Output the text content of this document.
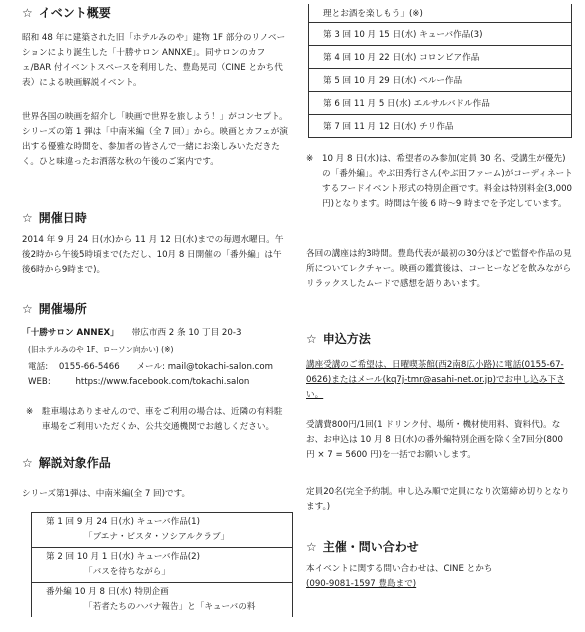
☆ イベント概要

昭和 48 年に建築された旧「ホテルみのや」建物 1F 部分のリノベーションにより誕生した「十勝サロン ANNXE」。同サロンのカフェ/BAR 付イベントスペースを利用した、豊島晃司（CINE とかち代表）による映画解説イベント。

世界各国の映画を紹介し「映画で世界を旅しよう！」がコンセプト。シリーズの第 1 弾は「中南米編（全 7 回）」から。映画とカフェが演出する優雅な時間を、参加者の皆さんで一緒にお楽しみいただきたく。ひと味違ったお洒落な秋の午後のご案内です。

☆ 開催日時

2014 年 9 月 24 日(水)から 11 月 12 日(水)までの毎週水曜日。午後2時から午後5時頃まで(ただし、10月 8 日開催の「番外編」は午後6時から9時まで)。

☆ 開催場所
「十勝サロン ANNEX」 帯広市西 2 条 10 丁目 20-3
(旧ホテルみのや 1F、ローソン向かい) (※)
電話: 0155-66-5466 メール: mail@tokachi-salon.com
WEB:	https://www.facebook.com/tokachi.salon
※ 駐車場はありませんので、車をご利用の場合は、近隣の有料駐車場をご利用いただくか、公共交通機関でお越しください。
☆ 解説対象作品

シリーズ第1弾は、中南米編(全 7 回)です。

第 1 回 9 月 24 日(水) キューバ作品(1)

「ブエナ・ビスタ・ソシアルクラブ」

第 2 回 10 月 1 日(水) キューバ作品(2)

「バスを待ちながら」

番外編 10 月 8 日(水) 特別企画

「若者たちのハバナ報告」と「キューバの料
理とお酒を楽しもう」(※)
第 3 回 10 月 15 日(水) キューバ作品(3)
第 4 回 10 月 22 日(水) コロンビア作品
第 5 回 10 月 29 日(水) ペルー作品
第 6 回 11 月 5 日(水) エルサルバドル作品
第 7 回 11 月 12 日(水) チリ作品
※ 10 月 8 日(水)は、希望者のみ参加(定員 30 名、受講生が優先)の「番外編」。やぶ田秀行さん(やぶ田ファーム)がコーディネートするフードイベント形式の特別企画です。料金は特別料金(3,000 円)となります。時間は午後 6 時～9 時までを予定しています。

各回の講座は約3時間。豊島代表が最初の30分ほどで監督や作品の見所についてレクチャー。映画の鑑賞後は、コーヒーなどを飲みながらリラックスしたムードで感想を語りあいます。

☆ 申込方法

講座受講のご希望は、日曜喫茶館(西2南8広小路)に電話(0155-67-0626)またはメール(kq7j-tmr@asahi-net.or.jp)でお申し込み下さい。

受講費800円/1回(1 ドリンク付、場所・機材使用料、資料代)。なお、お申込は 10 月 8 日(水)の番外編特別企画を除く全7回分(800 円 × 7 = 5600 円)を一括でお願いします。

定員20名(完全予約制。申し込み順で定員になり次第締め切りとなります。)

☆ 主催・問い合わせ

本イベントに関する問い合わせは、CINE とかち
(090-9081-1597 豊島まで)
